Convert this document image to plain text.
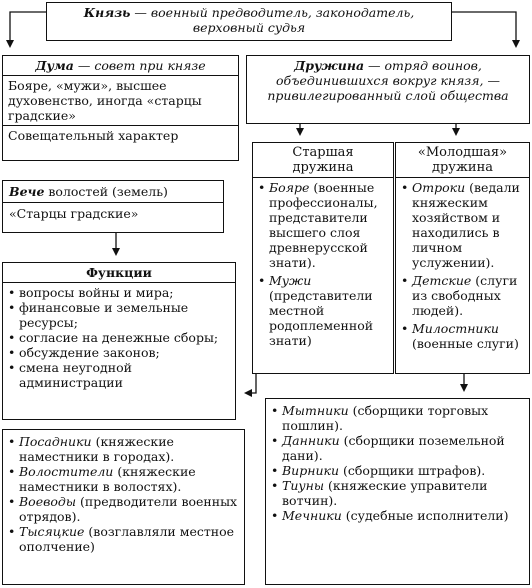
Князь — военный предводитель, законодатель, верховный судья
Дума — совет при князе
Бояре, «мужи», высшее духовенство, иногда «старцы градские»
Совещательный характер
Дружина — отряд воинов, объединившихся вокруг князя, — привилегированный слой общества
Старшая дружина
• Бояре (военные профессионалы, представители высшего слоя древнерусской знати).
• Мужи (представители местной родоплеменной знати)
«Молодшая» дружина
• Отроки (ведали княжеским хозяйством и находились в личном услужении).
• Детские (слуги из свободных людей).
• Милостники (военные слуги)
Вече волостей (земель)
«Старцы градские»
Функции
• вопросы войны и мира;
• финансовые и земельные ресурсы;
• согласие на денежные сборы;
• обсуждение законов;
• смена неугодной администрации
• Посадники (княжеские наместники в городах).
• Волостители (княжеские наместники в волостях).
• Воеводы (предводители военных отрядов).
• Тысяцкие (возглавляли местное ополчение)
• Мытники (сборщики торговых пошлин).
• Данники (сборщики поземельной дани).
• Вирники (сборщики штрафов).
• Тиуны (княжеские управители вотчин).
• Мечники (судебные исполнители)
